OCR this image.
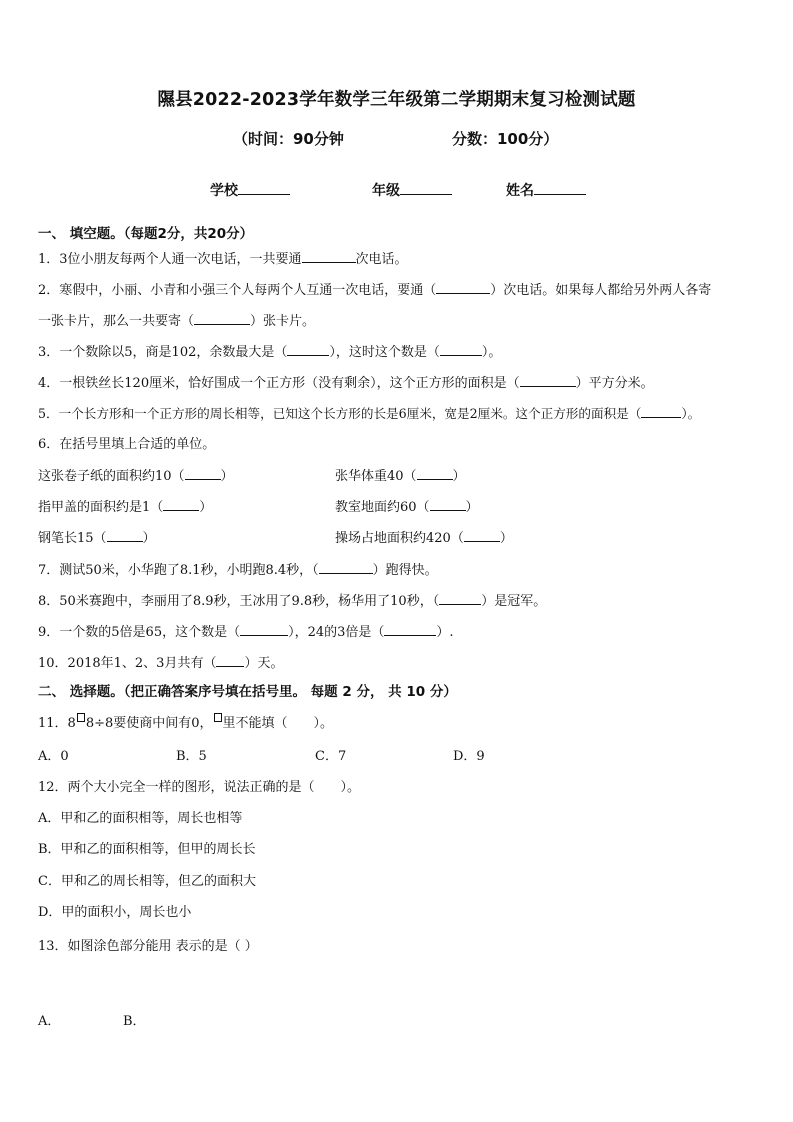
隰县2022-2023学年数学三年级第二学期期末复习检测试题
（时间：90分钟	分数：100分）
学校	年级	姓名
一、 填空题。（每题2分，共20分）
1．3位小朋友每两个人通一次电话，一共要通	次电话。
2．寒假中，小丽、小青和小强三个人每两个人互通一次电话，要通（	）次电话。如果每人都给另外两人各寄
一张卡片，那么一共要寄（	）张卡片。
3．一个数除以5，商是102，余数最大是（	），这时这个数是（	）。
4．一根铁丝长120厘米，恰好围成一个正方形（没有剩余），这个正方形的面积是（	）平方分米。
5．一个长方形和一个正方形的周长相等，已知这个长方形的长是6厘米，宽是2厘米。这个正方形的面积是（	）。
6．在括号里填上合适的单位。
这张卷子纸的面积约10（	）	张华体重40（	）
指甲盖的面积约是1（	）	教室地面约60（	）
钢笔长15（	）	操场占地面积约420（	）
7．测试50米，小华跑了8.1秒，小明跑8.4秒，（	）跑得快。
8．50米赛跑中，李丽用了8.9秒，王冰用了9.8秒，杨华用了10秒，（	）是冠军。
9．一个数的5倍是65，这个数是（	），24的3倍是（	）.
10．2018年1、2、3月共有（ ）天。
二、 选择题。（把正确答案序号填在括号里。 每题 2 分， 共 10 分）
11．8 8÷8要使商中间有0， 里不能填（　　）。
A．0	B．5	C．7	D．9
12．两个大小完全一样的图形，说法正确的是（　　）。
A．甲和乙的面积相等，周长也相等
B．甲和乙的面积相等，但甲的周长长
C．甲和乙的周长相等，但乙的面积大
D．甲的面积小，周长也小
13．如图涂色部分能用 表示的是（ ）
A．	B．
